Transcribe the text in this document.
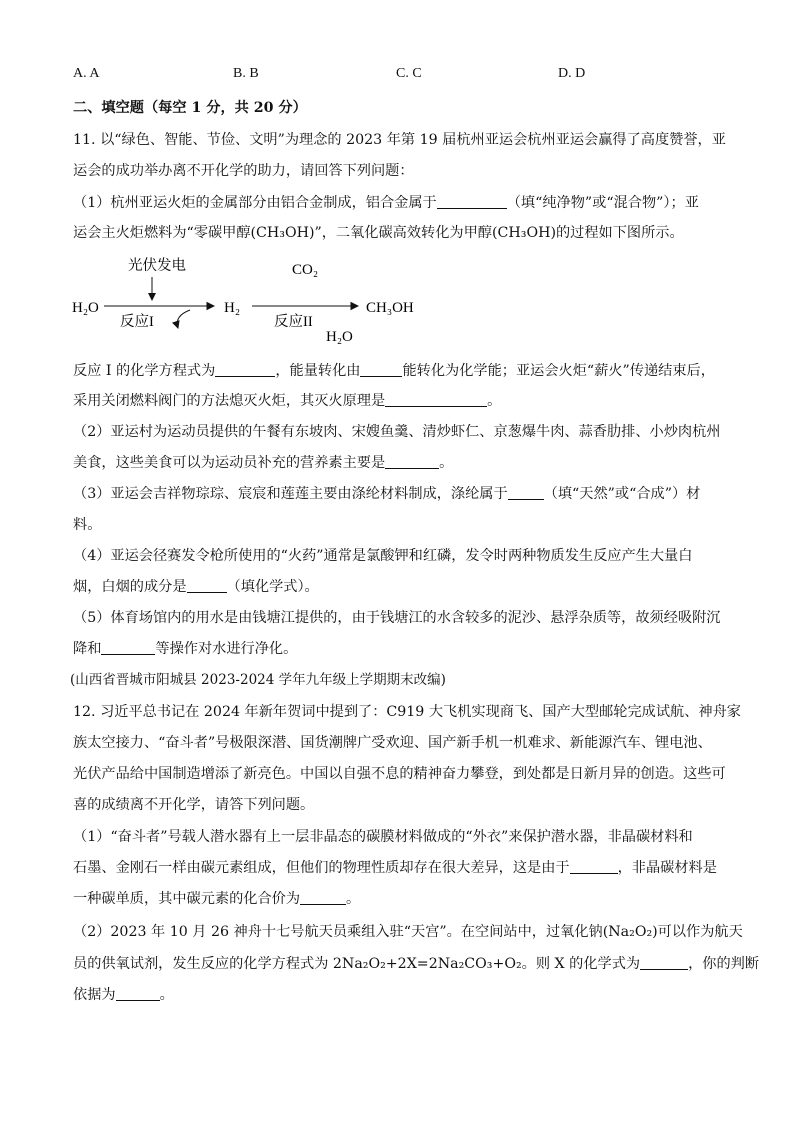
A. A	B. B	C. C	D. D
二、填空题（每空 1 分，共 20 分）
11. 以“绿色、智能、节俭、文明”为理念的 2023 年第 19 届杭州亚运会杭州亚运会赢得了高度赞誉，亚
运会的成功举办离不开化学的助力，请回答下列问题：
（1）杭州亚运火炬的金属部分由铝合金制成，铝合金属于	（填“纯净物”或“混合物”）；亚
运会主火炬燃料为“零碳甲醇(CH₃OH)”，二氧化碳高效转化为甲醇(CH₃OH)的过程如下图所示。
光伏发电
H₂O
反应I
H₂
CO₂
反应II
CH₃OH
H₂O
反应 I 的化学方程式为	，能量转化由	能转化为化学能；亚运会火炬“薪火”传递结束后，
采用关闭燃料阀门的方法熄灭火炬，其灭火原理是	。
（2）亚运村为运动员提供的午餐有东坡肉、宋嫂鱼羹、清炒虾仁、京葱爆牛肉、蒜香肋排、小炒肉杭州
美食，这些美食可以为运动员补充的营养素主要是	。
（3）亚运会吉祥物琮琮、宸宸和莲莲主要由涤纶材料制成，涤纶属于	（填“天然”或“合成”）材
料。
（4）亚运会径赛发令枪所使用的“火药”通常是氯酸钾和红磷，发令时两种物质发生反应产生大量白
烟，白烟的成分是	（填化学式）。
（5）体育场馆内的用水是由钱塘江提供的，由于钱塘江的水含较多的泥沙、悬浮杂质等，故须经吸附沉
降和	等操作对水进行净化。
(山西省晋城市阳城县 2023-2024 学年九年级上学期期末改编)
12. 习近平总书记在 2024 年新年贺词中提到了：C919 大飞机实现商飞、国产大型邮轮完成试航、神舟家
族太空接力、“奋斗者”号极限深潜、国货潮牌广受欢迎、国产新手机一机难求、新能源汽车、锂电池、
光伏产品给中国制造增添了新亮色。中国以自强不息的精神奋力攀登，到处都是日新月异的创造。这些可
喜的成绩离不开化学，请答下列问题。
（1）“奋斗者”号载人潜水器有上一层非晶态的碳膜材料做成的“外衣”来保护潜水器，非晶碳材料和
石墨、金刚石一样由碳元素组成，但他们的物理性质却存在很大差异，这是由于	，非晶碳材料是
一种碳单质，其中碳元素的化合价为	。
（2）2023 年 10 月 26 神舟十七号航天员乘组入驻“天宫”。在空间站中，过氧化钠(Na₂O₂)可以作为航天
员的供氧试剂，发生反应的化学方程式为 2Na₂O₂+2X=2Na₂CO₃+O₂。则 X 的化学式为	，你的判断
依据为	。
